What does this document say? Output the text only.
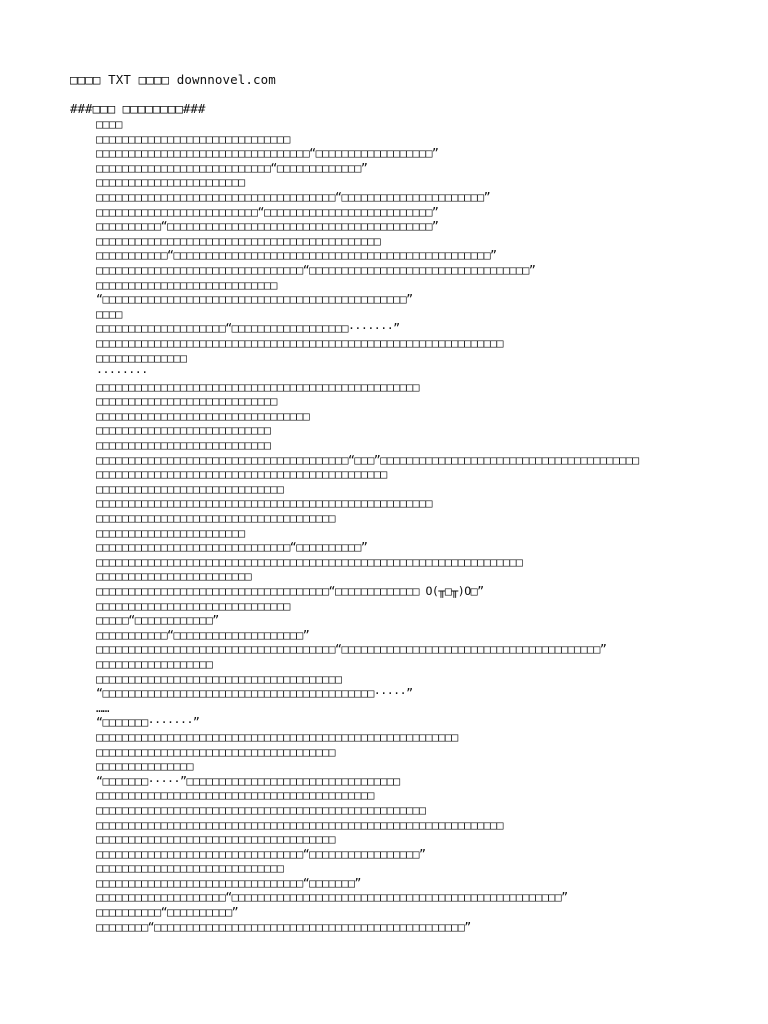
□□□□ TXT □□□□ downnovel.com
###□□□ □□□□□□□□###
□□□□
□□□□□□□□□□□□□□□□□□□□□□□□□□□□□□
□□□□□□□□□□□□□□□□□□□□□□□□□□□□□□□□□“□□□□□□□□□□□□□□□□□□”
□□□□□□□□□□□□□□□□□□□□□□□□□□□“□□□□□□□□□□□□□”
□□□□□□□□□□□□□□□□□□□□□□□
□□□□□□□□□□□□□□□□□□□□□□□□□□□□□□□□□□□□□“□□□□□□□□□□□□□□□□□□□□□□”
□□□□□□□□□□□□□□□□□□□□□□□□□“□□□□□□□□□□□□□□□□□□□□□□□□□□”
□□□□□□□□□□“□□□□□□□□□□□□□□□□□□□□□□□□□□□□□□□□□□□□□□□□□”
□□□□□□□□□□□□□□□□□□□□□□□□□□□□□□□□□□□□□□□□□□□□
□□□□□□□□□□□“□□□□□□□□□□□□□□□□□□□□□□□□□□□□□□□□□□□□□□□□□□□□□□□□□”
□□□□□□□□□□□□□□□□□□□□□□□□□□□□□□□□“□□□□□□□□□□□□□□□□□□□□□□□□□□□□□□□□□□”
□□□□□□□□□□□□□□□□□□□□□□□□□□□□
“□□□□□□□□□□□□□□□□□□□□□□□□□□□□□□□□□□□□□□□□□□□□□□□”
□□□□
□□□□□□□□□□□□□□□□□□□□“□□□□□□□□□□□□□□□□□□·······”
□□□□□□□□□□□□□□□□□□□□□□□□□□□□□□□□□□□□□□□□□□□□□□□□□□□□□□□□□□□□□□□
□□□□□□□□□□□□□□
········
□□□□□□□□□□□□□□□□□□□□□□□□□□□□□□□□□□□□□□□□□□□□□□□□□□
□□□□□□□□□□□□□□□□□□□□□□□□□□□□
□□□□□□□□□□□□□□□□□□□□□□□□□□□□□□□□□
□□□□□□□□□□□□□□□□□□□□□□□□□□□
□□□□□□□□□□□□□□□□□□□□□□□□□□□
□□□□□□□□□□□□□□□□□□□□□□□□□□□□□□□□□□□□□□□“□□□”□□□□□□□□□□□□□□□□□□□□□□□□□□□□□□□□□□□□□□□□
□□□□□□□□□□□□□□□□□□□□□□□□□□□□□□□□□□□□□□□□□□□□□
□□□□□□□□□□□□□□□□□□□□□□□□□□□□□
□□□□□□□□□□□□□□□□□□□□□□□□□□□□□□□□□□□□□□□□□□□□□□□□□□□□
□□□□□□□□□□□□□□□□□□□□□□□□□□□□□□□□□□□□□
□□□□□□□□□□□□□□□□□□□□□□□
□□□□□□□□□□□□□□□□□□□□□□□□□□□□□□“□□□□□□□□□□”
□□□□□□□□□□□□□□□□□□□□□□□□□□□□□□□□□□□□□□□□□□□□□□□□□□□□□□□□□□□□□□□□□□
□□□□□□□□□□□□□□□□□□□□□□□□
□□□□□□□□□□□□□□□□□□□□□□□□□□□□□□□□□□□□“□□□□□□□□□□□□□ O(╥□╥)O□”
□□□□□□□□□□□□□□□□□□□□□□□□□□□□□□
□□□□□“□□□□□□□□□□□□”
□□□□□□□□□□□“□□□□□□□□□□□□□□□□□□□□”
□□□□□□□□□□□□□□□□□□□□□□□□□□□□□□□□□□□□□“□□□□□□□□□□□□□□□□□□□□□□□□□□□□□□□□□□□□□□□□”
□□□□□□□□□□□□□□□□□□
□□□□□□□□□□□□□□□□□□□□□□□□□□□□□□□□□□□□□□
“□□□□□□□□□□□□□□□□□□□□□□□□□□□□□□□□□□□□□□□□□□·····”
……
“□□□□□□□·······”
□□□□□□□□□□□□□□□□□□□□□□□□□□□□□□□□□□□□□□□□□□□□□□□□□□□□□□□□
□□□□□□□□□□□□□□□□□□□□□□□□□□□□□□□□□□□□□
□□□□□□□□□□□□□□□
“□□□□□□□·····”□□□□□□□□□□□□□□□□□□□□□□□□□□□□□□□□□
□□□□□□□□□□□□□□□□□□□□□□□□□□□□□□□□□□□□□□□□□□□
□□□□□□□□□□□□□□□□□□□□□□□□□□□□□□□□□□□□□□□□□□□□□□□□□□□
□□□□□□□□□□□□□□□□□□□□□□□□□□□□□□□□□□□□□□□□□□□□□□□□□□□□□□□□□□□□□□□
□□□□□□□□□□□□□□□□□□□□□□□□□□□□□□□□□□□□□
□□□□□□□□□□□□□□□□□□□□□□□□□□□□□□□□“□□□□□□□□□□□□□□□□□”
□□□□□□□□□□□□□□□□□□□□□□□□□□□□□
□□□□□□□□□□□□□□□□□□□□□□□□□□□□□□□□“□□□□□□□”
□□□□□□□□□□□□□□□□□□□□“□□□□□□□□□□□□□□□□□□□□□□□□□□□□□□□□□□□□□□□□□□□□□□□□□□□”
□□□□□□□□□□“□□□□□□□□□□”
□□□□□□□□“□□□□□□□□□□□□□□□□□□□□□□□□□□□□□□□□□□□□□□□□□□□□□□□□”
